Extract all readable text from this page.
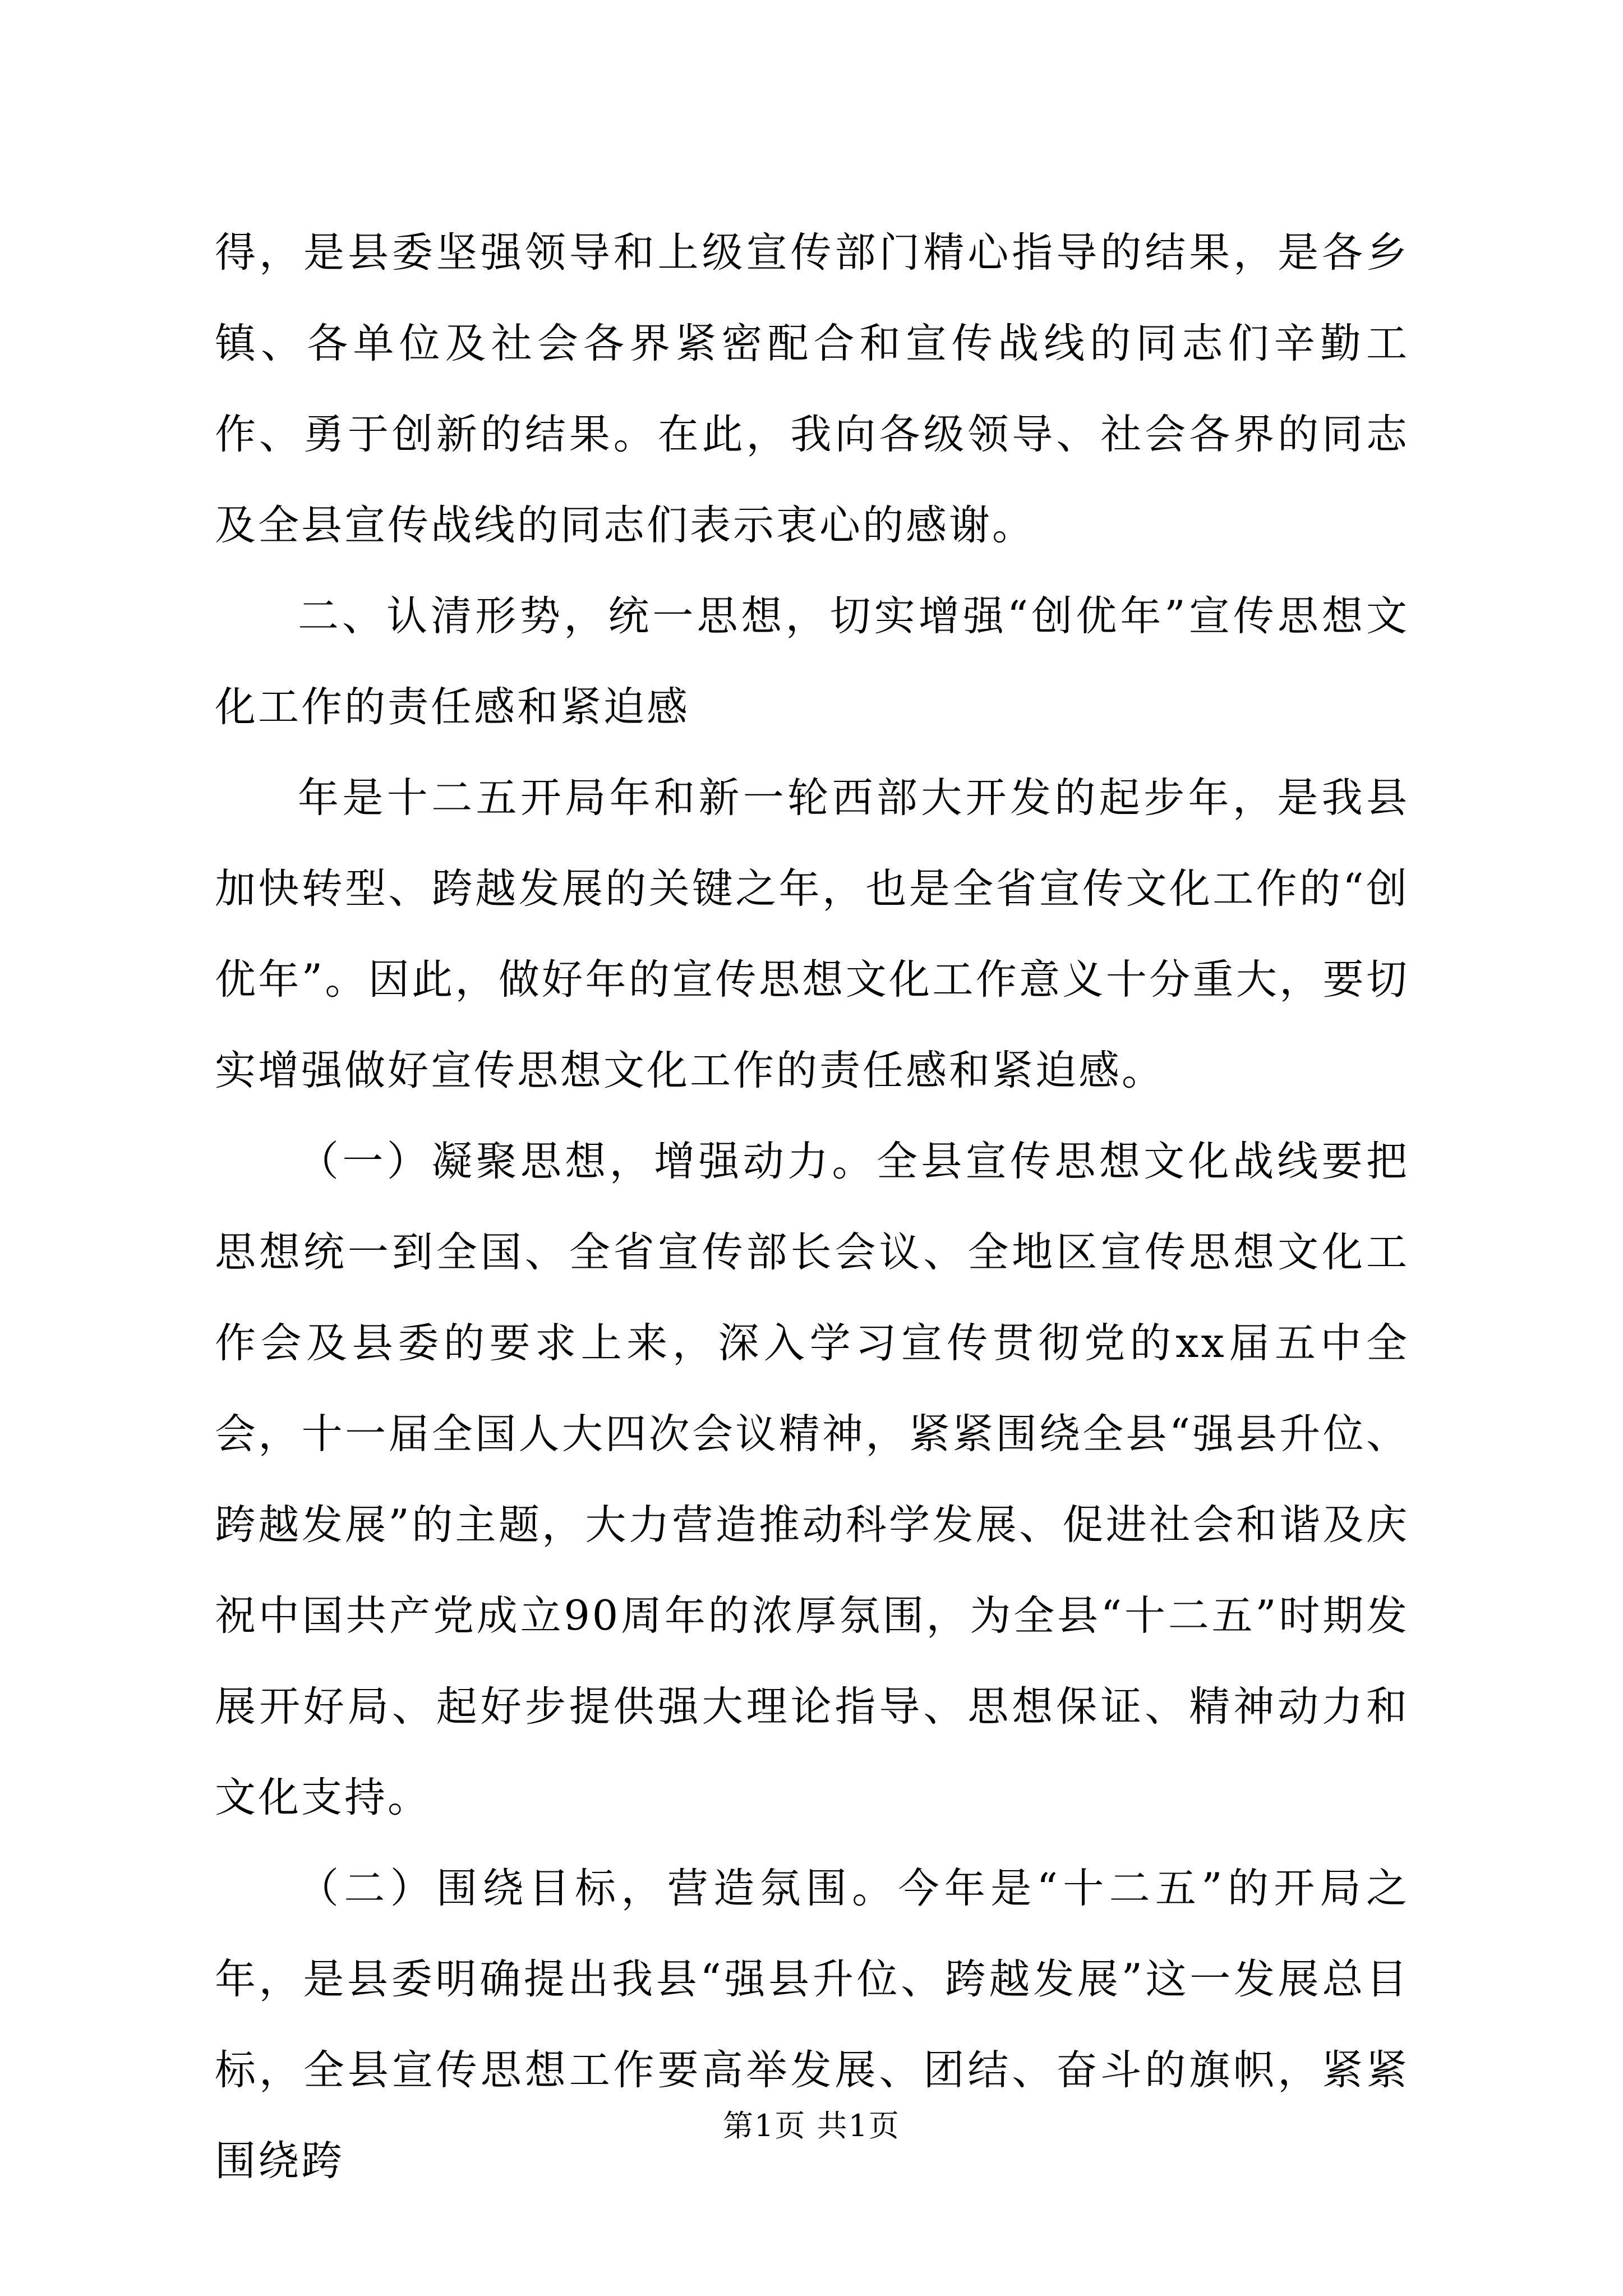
得，是县委坚强领导和上级宣传部门精心指导的结果，是各乡镇、各单位及社会各界紧密配合和宣传战线的同志们辛勤工作、勇于创新的结果。在此，我向各级领导、社会各界的同志及全县宣传战线的同志们表示衷心的感谢。

二、认清形势，统一思想，切实增强“创优年”宣传思想文化工作的责任感和紧迫感

年是十二五开局年和新一轮西部大开发的起步年，是我县加快转型、跨越发展的关键之年，也是全省宣传文化工作的“创优年”。因此，做好年的宣传思想文化工作意义十分重大，要切实增强做好宣传思想文化工作的责任感和紧迫感。

（一）凝聚思想，增强动力。全县宣传思想文化战线要把思想统一到全国、全省宣传部长会议、全地区宣传思想文化工作会及县委的要求上来，深入学习宣传贯彻党的xx届五中全会，十一届全国人大四次会议精神，紧紧围绕全县“强县升位、跨越发展”的主题，大力营造推动科学发展、促进社会和谐及庆祝中国共产党成立90周年的浓厚氛围，为全县“十二五”时期发展开好局、起好步提供强大理论指导、思想保证、精神动力和文化支持。

（二）围绕目标，营造氛围。今年是“十二五”的开局之年，是县委明确提出我县“强县升位、跨越发展”这一发展总目标，全县宣传思想工作要高举发展、团结、奋斗的旗帜，紧紧围绕跨

第1页 共1页
